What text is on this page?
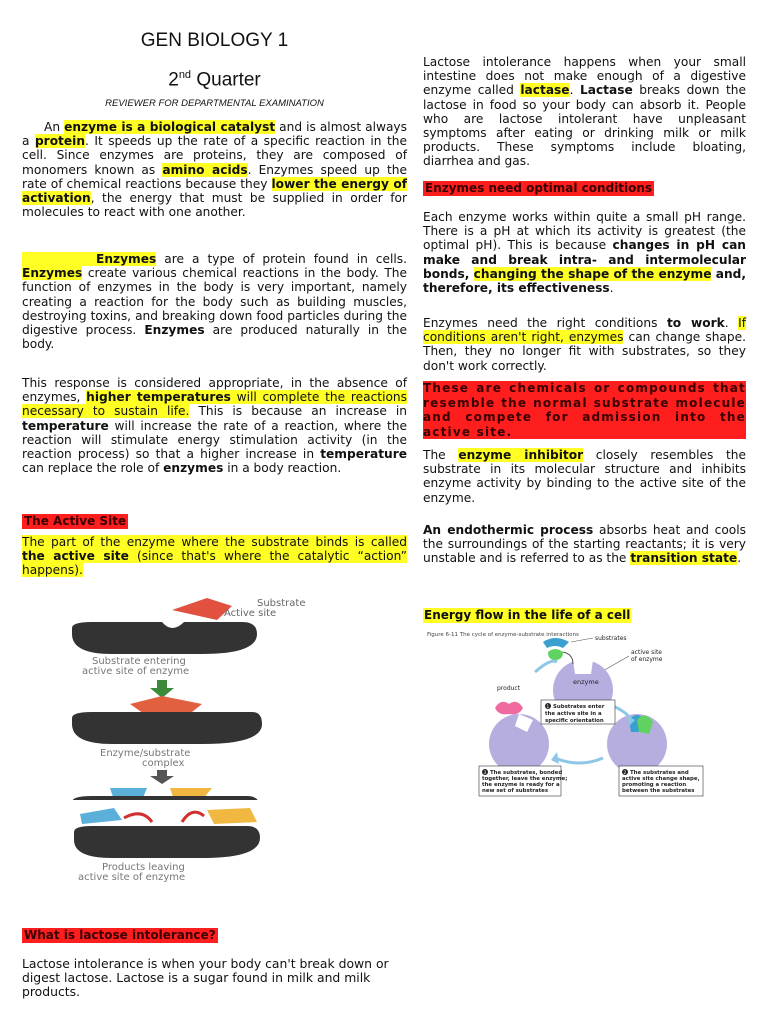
GEN BIOLOGY 1
2nd Quarter
REVIEWER FOR DEPARTMENTAL EXAMINATION

An enzyme is a biological catalyst and is almost always a protein. It speeds up the rate of a specific reaction in the cell. Since enzymes are proteins, they are composed of monomers known as amino acids. Enzymes speed up the rate of chemical reactions because they lower the energy of activation, the energy that must be supplied in order for molecules to react with one another.

Enzymes are a type of protein found in cells. Enzymes create various chemical reactions in the body. The function of enzymes in the body is very important, namely creating a reaction for the body such as building muscles, destroying toxins, and breaking down food particles during the digestive process. Enzymes are produced naturally in the body.

This response is considered appropriate, in the absence of enzymes, higher temperatures will complete the reactions necessary to sustain life. This is because an increase in temperature will increase the rate of a reaction, where the reaction will stimulate energy stimulation activity (in the reaction process) so that a higher increase in temperature can replace the role of enzymes in a body reaction.

The Active Site

The part of the enzyme where the substrate binds is called the active site (since that's where the catalytic “action” happens).

Substrate
Active site
Substrate entering
active site of enzyme
Enzyme/substrate
complex
Products leaving
active site of enzyme
What is lactose intolerance?

Lactose intolerance is when your body can't break down or digest lactose. Lactose is a sugar found in milk and milk products.

Lactose intolerance happens when your small intestine does not make enough of a digestive enzyme called lactase. Lactase breaks down the lactose in food so your body can absorb it. People who are lactose intolerant have unpleasant symptoms after eating or drinking milk or milk products. These symptoms include bloating, diarrhea and gas.

Enzymes need optimal conditions

Each enzyme works within quite a small pH range. There is a pH at which its activity is greatest (the optimal pH). This is because changes in pH can make and break intra- and intermolecular bonds, changing the shape of the enzyme and, therefore, its effectiveness.

Enzymes need the right conditions to work. If conditions aren't right, enzymes can change shape. Then, they no longer fit with substrates, so they don't work correctly.

These are chemicals or compounds that resemble the normal substrate molecule and compete for admission into the active site.

The enzyme inhibitor closely resembles the substrate in its molecular structure and inhibits enzyme activity by binding to the active site of the enzyme.

An endothermic process absorbs heat and cools the surroundings of the starting reactants; it is very unstable and is referred to as the transition state.

Energy flow in the life of a cell
Figure 6-11 The cycle of enzyme-substrate interactions	substrates
active site
of enzyme
enzyme
product
1 Substrates enter
the active site in a
specific orientation
2 The substrates and
active site change shape,
promoting a reaction
between the substrates
3 The substrates, bonded
together, leave the enzyme;
the enzyme is ready for a
new set of substrates
